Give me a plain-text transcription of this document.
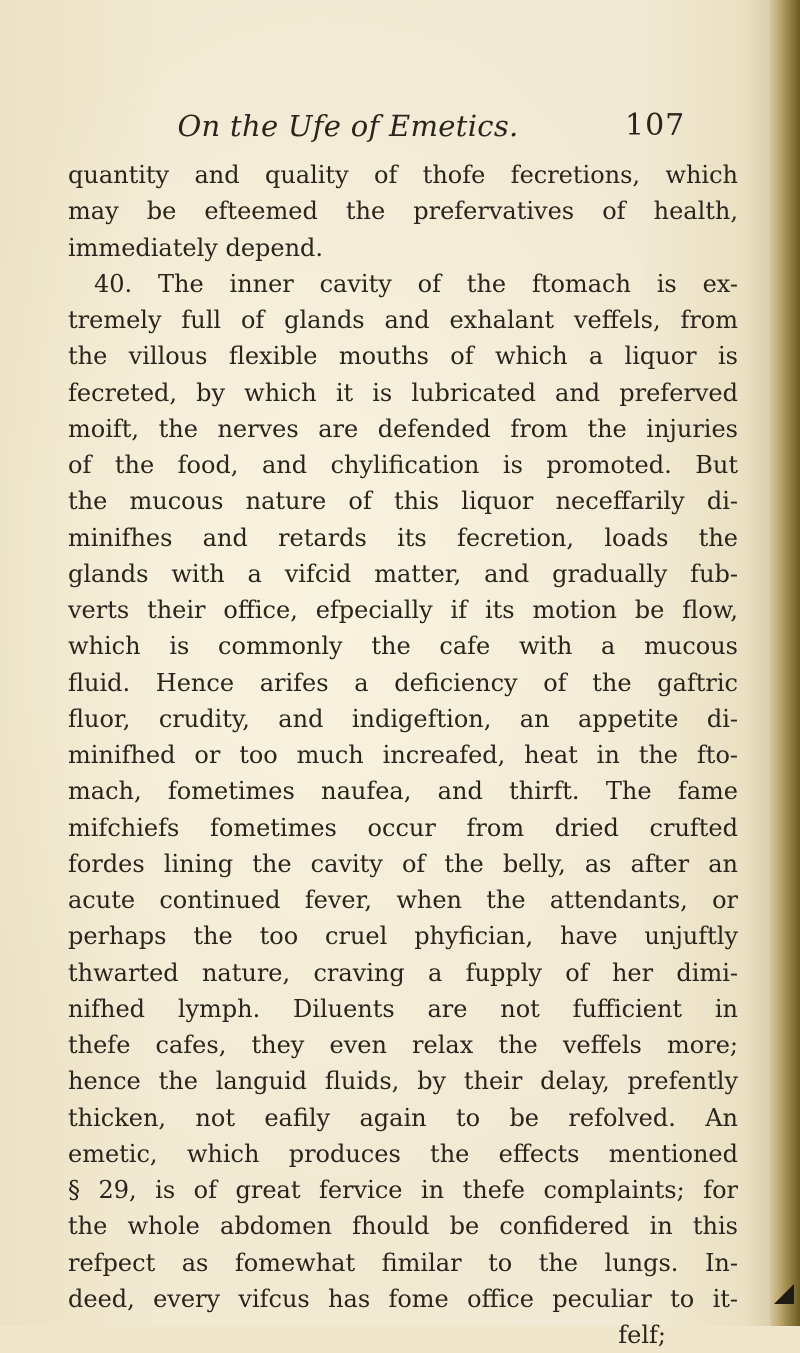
On the Ufe of Emetics.	107
quantity and quality of thofe fecretions, which
may be efteemed the prefervatives of health,
immediately depend.
40. The inner cavity of the ftomach is ex-
tremely full of glands and exhalant veffels, from
the villous flexible mouths of which a liquor is
fecreted, by which it is lubricated and preferved
moift, the nerves are defended from the injuries
of the food, and chylification is promoted. But
the mucous nature of this liquor neceffarily di-
minifhes and retards its fecretion, loads the
glands with a vifcid matter, and gradually fub-
verts their office, efpecially if its motion be flow,
which is commonly the cafe with a mucous
fluid. Hence arifes a deficiency of the gaftric
fluor, crudity, and indigeftion, an appetite di-
minifhed or too much increafed, heat in the fto-
mach, fometimes naufea, and thirft. The fame
mifchiefs fometimes occur from dried crufted
fordes lining the cavity of the belly, as after an
acute continued fever, when the attendants, or
perhaps the too cruel phyfician, have unjuftly
thwarted nature, craving a fupply of her dimi-
nifhed lymph. Diluents are not fufficient in
thefe cafes, they even relax the veffels more;
hence the languid fluids, by their delay, prefently
thicken, not eafily again to be refolved. An
emetic, which produces the effects mentioned
§ 29, is of great fervice in thefe complaints; for
the whole abdomen fhould be confidered in this
refpect as fomewhat fimilar to the lungs. In-
deed, every vifcus has fome office peculiar to it-
felf;
